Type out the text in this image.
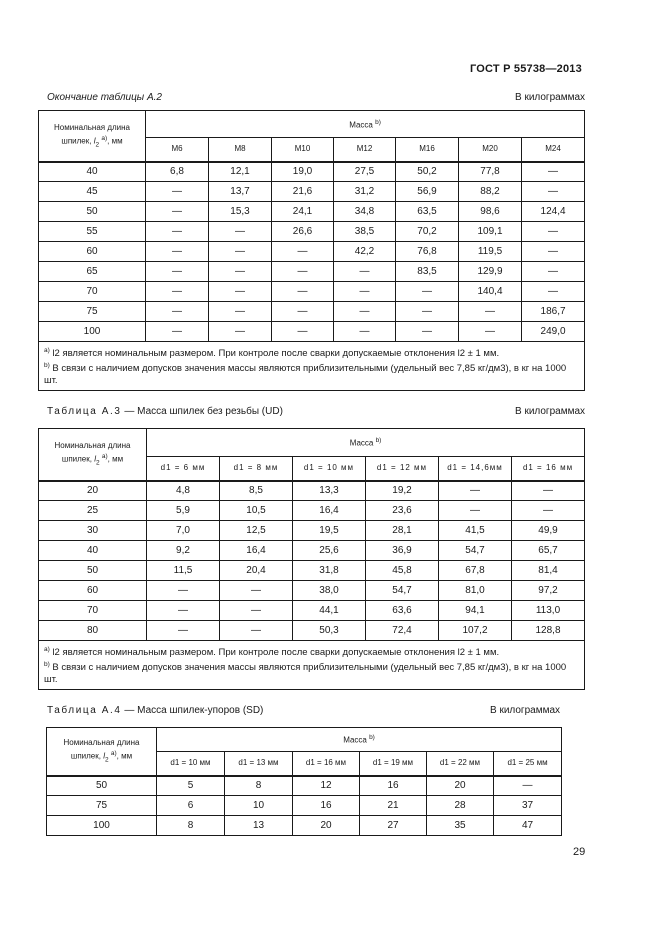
ГОСТ Р 55738—2013
Окончание таблицы А.2	В килограммах
Номинальная длина
шпилек, $l_2$ $^{a)}$, мм	Масса $^{b)}$
	М6	М8	М10	М12	М16	М20	М24
40	6,8	12,1	19,0	27,5	50,2	77,8	—
45	—	13,7	21,6	31,2	56,9	88,2	—
50	—	15,3	24,1	34,8	63,5	98,6	124,4
55	—	—	26,6	38,5	70,2	109,1	—
60	—	—	—	42,2	76,8	119,5	—
65	—	—	—	—	83,5	129,9	—
70	—	—	—	—	—	140,4	—
75	—	—	—	—	—	—	186,7
100	—	—	—	—	—	—	249,0

$^{a)}$ l2 является номинальным размером. При контроле после сварки допускаемые отклонения l2 ± 1 мм.
$^{b)}$ В связи с наличием допусков значения массы являются приблизительными (удельный вес 7,85 кг/дм3), в кг на 1000 шт.							
Таблица А.3 — Масса шпилек без резьбы (UD)	В килограммах
Номинальная длина
шпилек, $l_2$ $^{a)}$, мм	Масса $^{b)}$
	d1 = 6 мм	d1 = 8 мм	d1 = 10 мм	d1 = 12 мм	d1 = 14,6мм	d1 = 16 мм
20	4,8	8,5	13,3	19,2	—	—
25	5,9	10,5	16,4	23,6	—	—
30	7,0	12,5	19,5	28,1	41,5	49,9
40	9,2	16,4	25,6	36,9	54,7	65,7
50	11,5	20,4	31,8	45,8	67,8	81,4
60	—	—	38,0	54,7	81,0	97,2
70	—	—	44,1	63,6	94,1	113,0
80	—	—	50,3	72,4	107,2	128,8

$^{a)}$ l2 является номинальным размером. При контроле после сварки допускаемые отклонения l2 ± 1 мм.
$^{b)}$ В связи с наличием допусков значения массы являются приблизительными (удельный вес 7,85 кг/дм3), в кг на 1000 шт.						
Таблица А.4 — Масса шпилек-упоров (SD)	В килограммах
Номинальная длина
шпилек, $l_2$ $^{a)}$, мм	Масса $^{b)}$
	d1 = 10 мм	d1 = 13 мм	d1 = 16 мм	d1 = 19 мм	d1 = 22 мм	d1 = 25 мм
50	5	8	12	16	20	—
75	6	10	16	21	28	37
100	8	13	20	27	35	47
29
